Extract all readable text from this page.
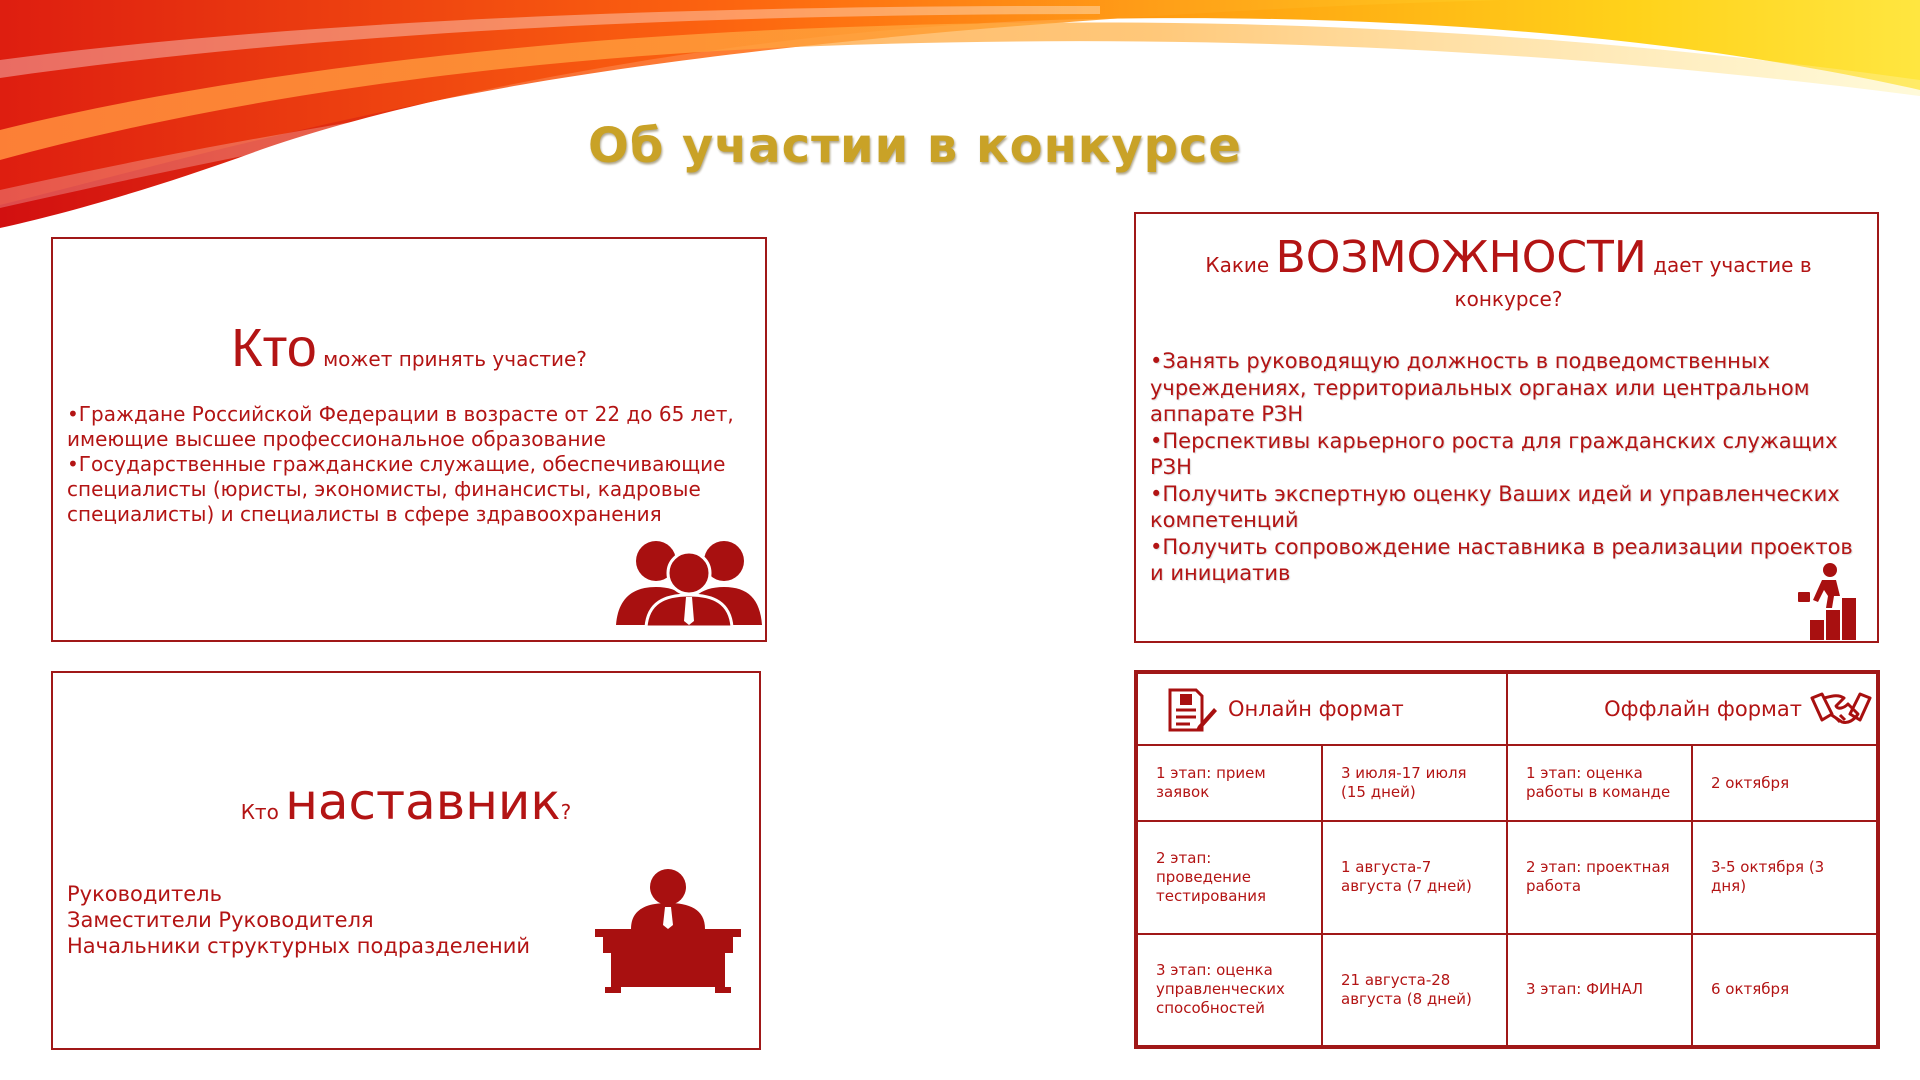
Об участии в конкурсе
Кто может принять участие?
•Граждане Российской Федерации в возрасте от 22 до 65 лет, имеющие высшее профессиональное образование
•Государственные гражданские служащие, обеспечивающие специалисты (юристы, экономисты, финансисты, кадровые специалисты) и специалисты в сфере здравоохранения
Кто наставник?
Руководитель
Заместители Руководителя
Начальники структурных подразделений
Какие ВОЗМОЖНОСТИ дает участие в конкурсе?
•Занять руководящую должность в подведомственных учреждениях, территориальных органах или центральном аппарате РЗН
•Перспективы карьерного роста для гражданских служащих РЗН
•Получить экспертную оценку Ваших идей и управленческих компетенций
•Получить сопровождение наставника в реализации проектов и инициатив
Онлайн формат		Оффлайн формат	

1 этап: прием заявок	3 июля-17 июля (15 дней)	1 этап: оценка работы в команде	2 октября
2 этап: проведение тестирования	1 августа-7 августа (7 дней)	2 этап: проектная работа	3-5 октября (3 дня)
3 этап: оценка управленческих способностей	21 августа-28 августа (8 дней)	3 этап: ФИНАЛ	6 октября
